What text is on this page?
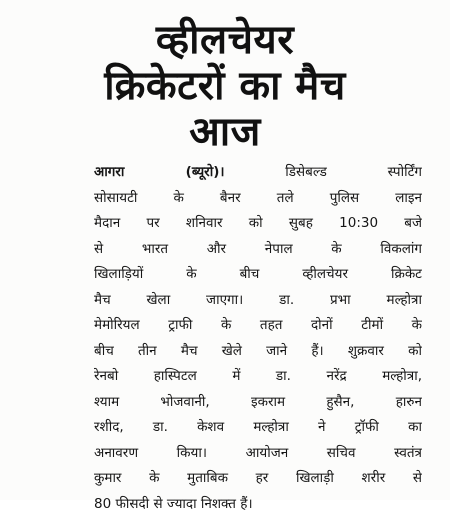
व्हीलचेयर
क्रिकेटरों का मैच
आज
आगरा (ब्यूरो)। डिसेबल्ड स्पोर्टिंग
सोसायटी के बैनर तले पुलिस लाइन
मैदान पर शनिवार को सुबह 10:30 बजे
से भारत और नेपाल के विकलांग
खिलाड़ियों के बीच व्हीलचेयर क्रिकेट
मैच खेला जाएगा। डा. प्रभा मल्होत्रा
मेमोरियल ट्राफी के तहत दोनों टीमों के
बीच तीन मैच खेले जाने हैं। शुक्रवार को
रेनबो हास्पिटल में डा. नरेंद्र मल्होत्रा,
श्याम भोजवानी, इकराम हुसैन, हारुन
रशीद, डा. केशव मल्होत्रा ने ट्रॉफी का
अनावरण किया। आयोजन सचिव स्वतंत्र
कुमार के मुताबिक हर खिलाड़ी शरीर से
80 फीसदी से ज्यादा निशक्त हैं।
